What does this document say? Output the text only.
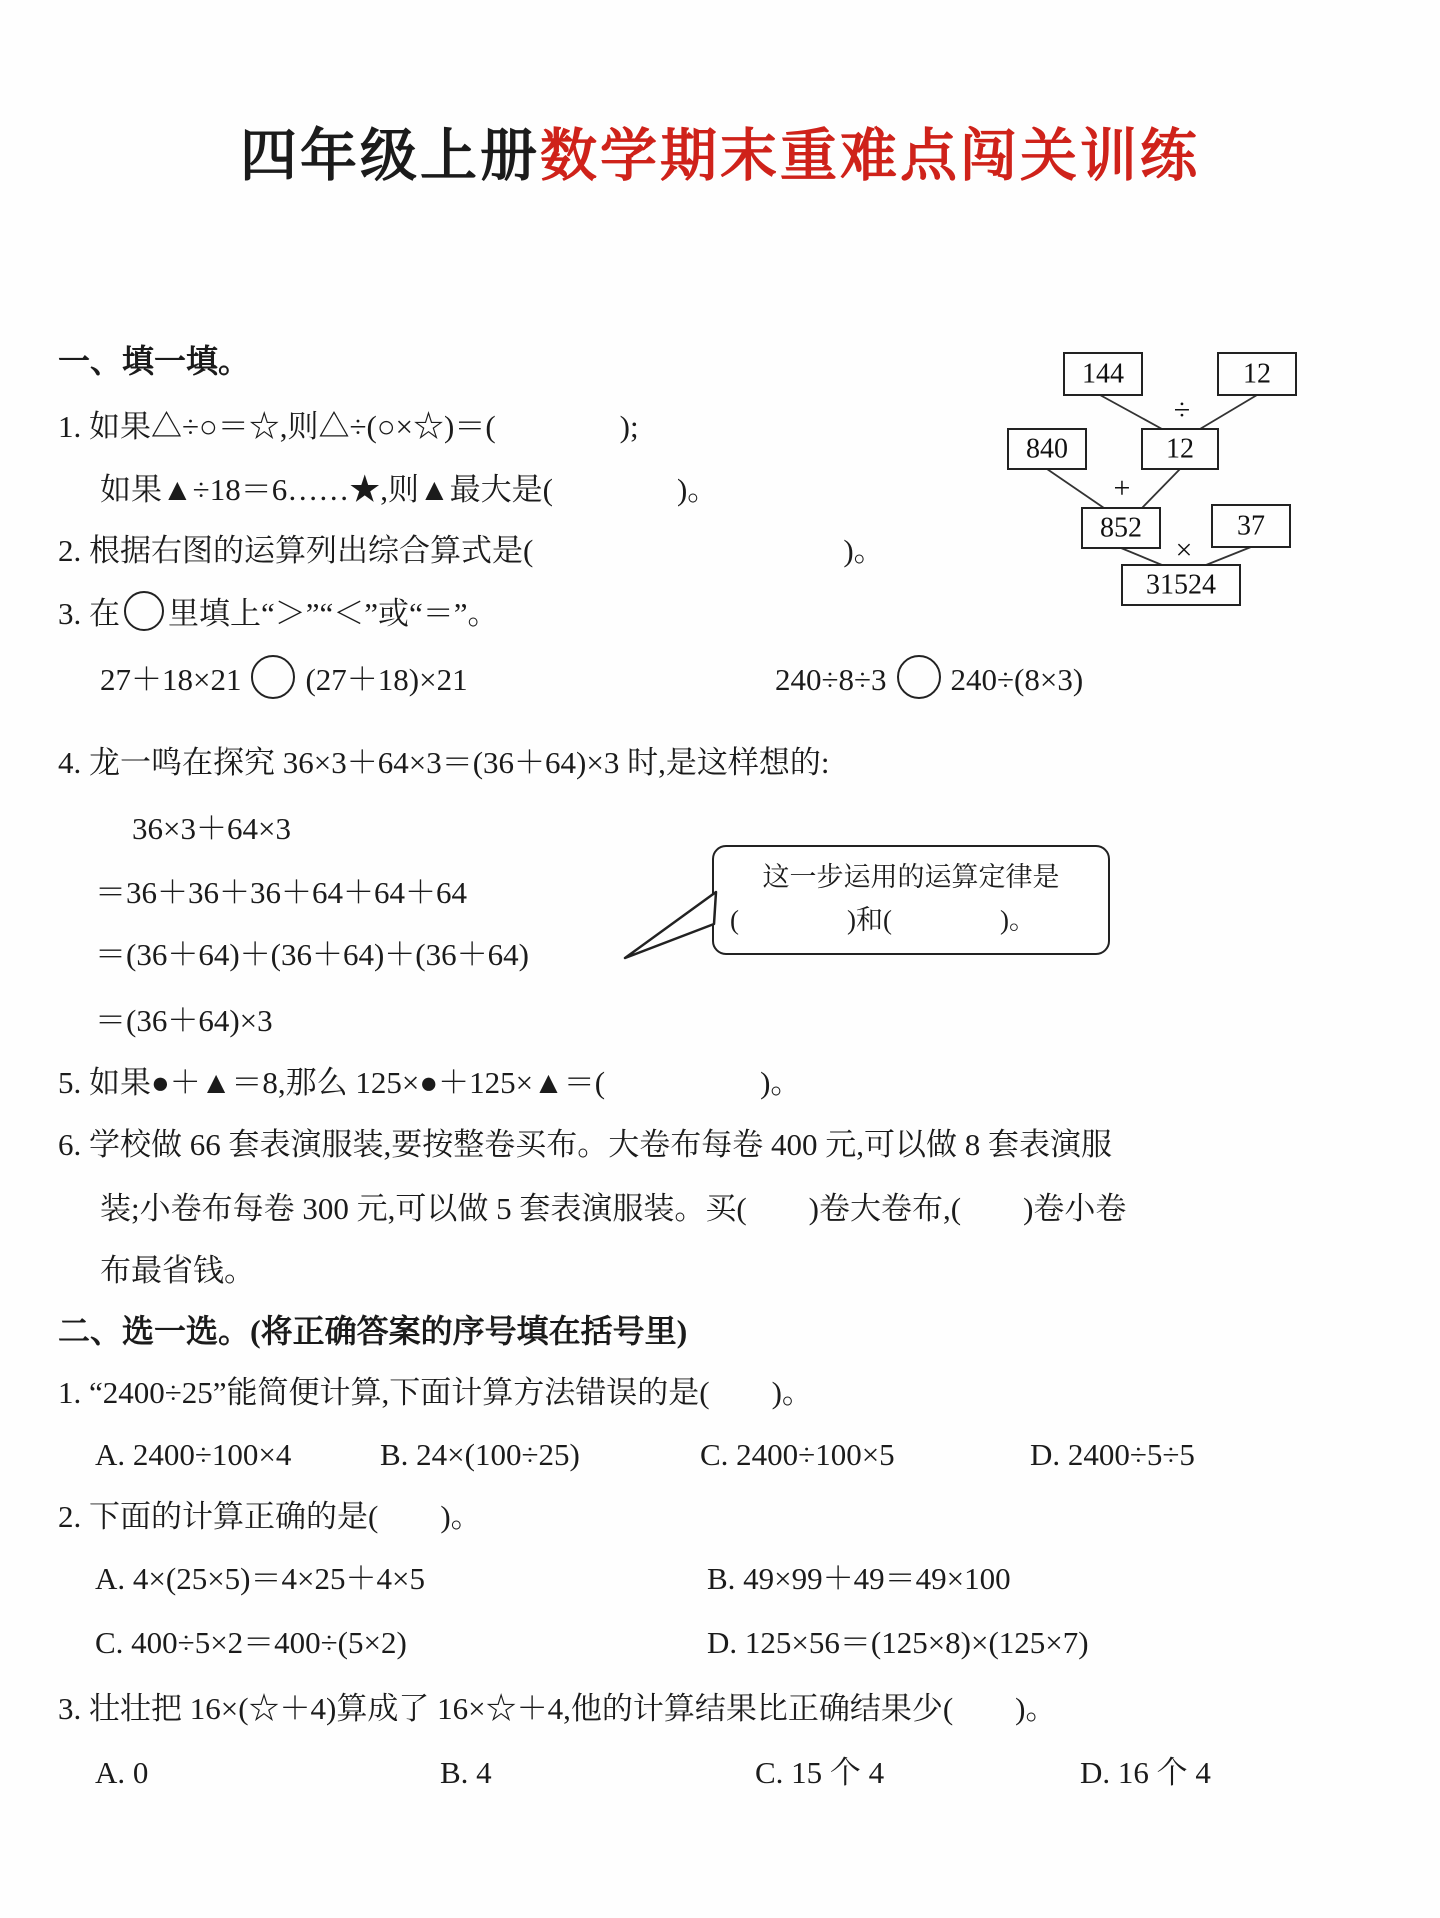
四年级上册数学期末重难点闯关训练
一、填一填。
1. 如果△÷○＝☆,则△÷(○×☆)＝(　　　　);
如果▲÷18＝6……★,则▲最大是(　　　　)。
2. 根据右图的运算列出综合算式是(　　　　　　　　　　)。
3. 在 里填上“＞”“＜”或“＝”。
27＋18×21 (27＋18)×21	240÷8÷3 240÷(8×3)
4. 龙一鸣在探究 36×3＋64×3＝(36＋64)×3 时,是这样想的:
36×3＋64×3
＝36＋36＋36＋64＋64＋64
＝(36＋64)＋(36＋64)＋(36＋64)
＝(36＋64)×3
这一步运用的运算定律是
(　　　　)和(　　　　)。
5. 如果●＋▲＝8,那么 125×●＋125×▲＝(　　　　　)。
6. 学校做 66 套表演服装,要按整卷买布。大卷布每卷 400 元,可以做 8 套表演服
装;小卷布每卷 300 元,可以做 5 套表演服装。买(　　)卷大卷布,(　　)卷小卷
布最省钱。
二、选一选。(将正确答案的序号填在括号里)
1. “2400÷25”能简便计算,下面计算方法错误的是(　　)。
A. 2400÷100×4	B. 24×(100÷25)	C. 2400÷100×5	D. 2400÷5÷5
2. 下面的计算正确的是(　　)。
A. 4×(25×5)＝4×25＋4×5	B. 49×99＋49＝49×100
C. 400÷5×2＝400÷(5×2)	D. 125×56＝(125×8)×(125×7)
3. 壮壮把 16×(☆＋4)算成了 16×☆＋4,他的计算结果比正确结果少(　　)。
A. 0	B. 4	C. 15 个 4	D. 16 个 4
144	12
12
840
852	37
31524
÷
+
×
